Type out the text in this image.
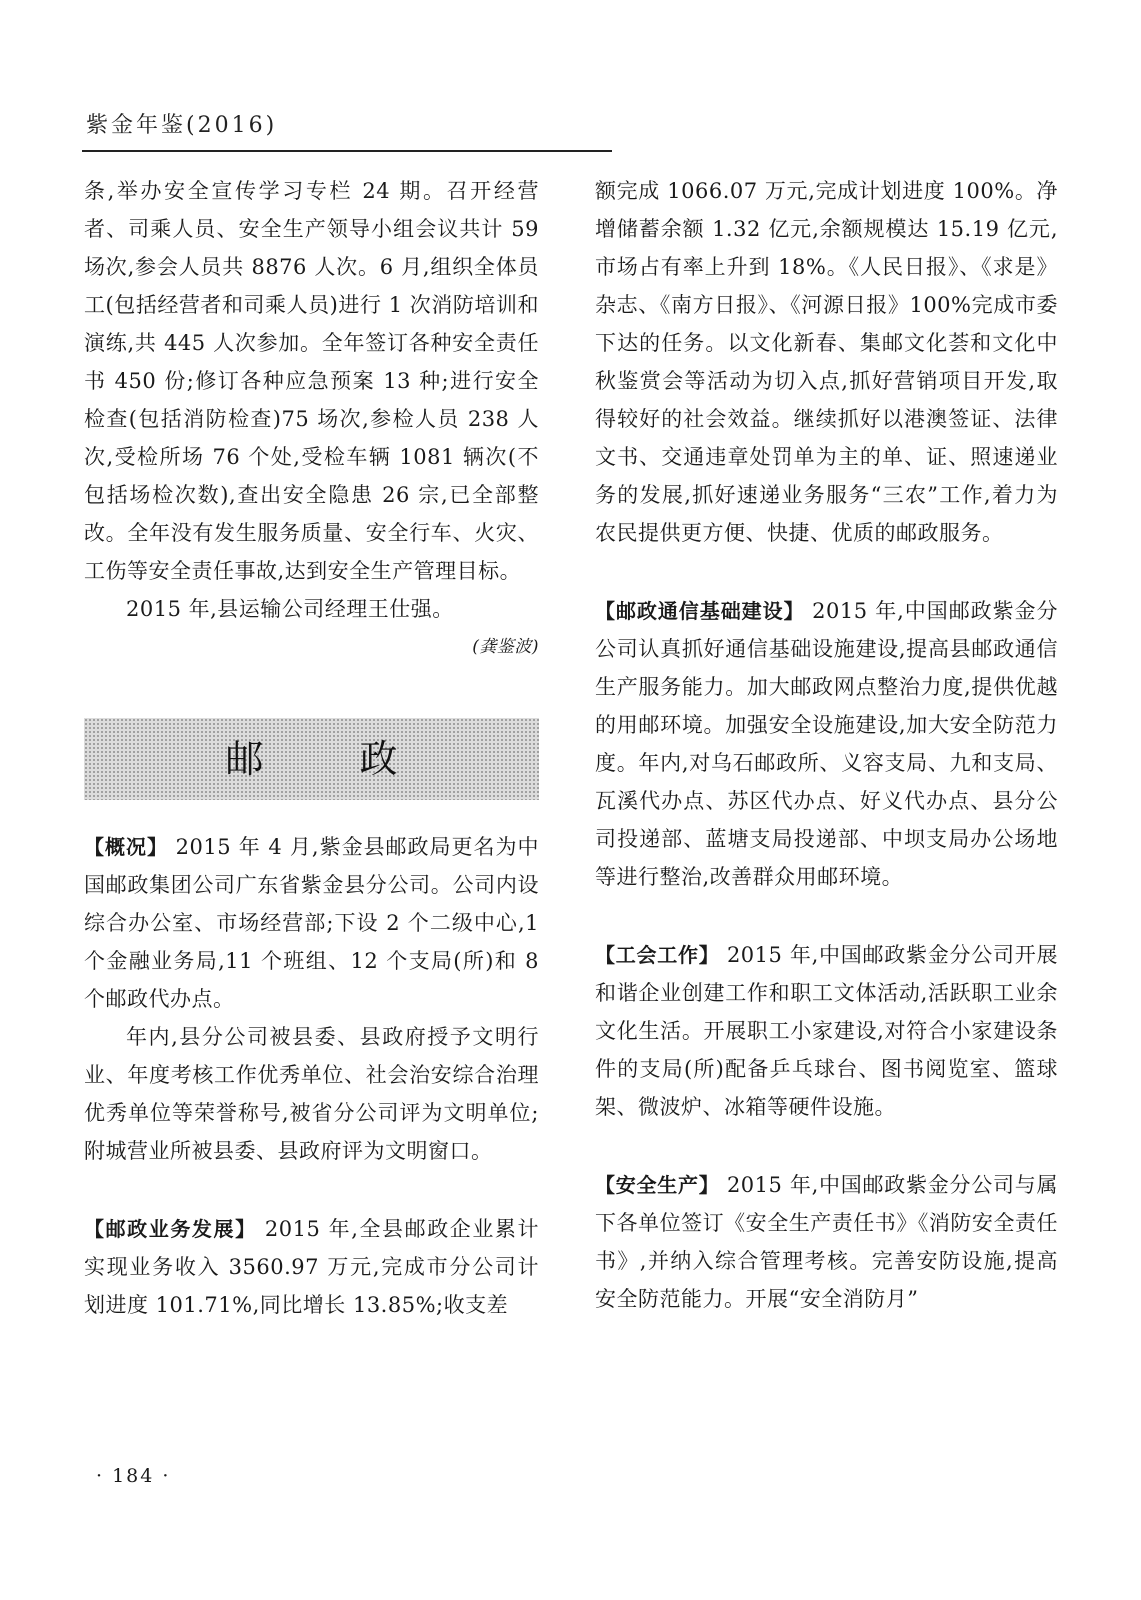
紫金年鉴(2016)

条,举办安全宣传学习专栏 24 期。召开经营者、司乘人员、安全生产领导小组会议共计 59 场次,参会人员共 8876 人次。6 月,组织全体员工(包括经营者和司乘人员)进行 1 次消防培训和演练,共 445 人次参加。全年签订各种安全责任书 450 份;修订各种应急预案 13 种;进行安全检查(包括消防检查)75 场次,参检人员 238 人次,受检所场 76 个处,受检车辆 1081 辆次(不包括场检次数),查出安全隐患 26 宗,已全部整改。全年没有发生服务质量、安全行车、火灾、工伤等安全责任事故,达到安全生产管理目标。

2015 年,县运输公司经理王仕强。

(龚鉴波)

邮政

【概况】 2015 年 4 月,紫金县邮政局更名为中国邮政集团公司广东省紫金县分公司。公司内设综合办公室、市场经营部;下设 2 个二级中心,1 个金融业务局,11 个班组、12 个支局(所)和 8 个邮政代办点。

年内,县分公司被县委、县政府授予文明行业、年度考核工作优秀单位、社会治安综合治理优秀单位等荣誉称号,被省分公司评为文明单位;附城营业所被县委、县政府评为文明窗口。

【邮政业务发展】 2015 年,全县邮政企业累计实现业务收入 3560.97 万元,完成市分公司计划进度 101.71%,同比增长 13.85%;收支差

额完成 1066.07 万元,完成计划进度 100%。净增储蓄余额 1.32 亿元,余额规模达 15.19 亿元,市场占有率上升到 18%。《人民日报》、《求是》杂志、《南方日报》、《河源日报》100%完成市委下达的任务。以文化新春、集邮文化荟和文化中秋鉴赏会等活动为切入点,抓好营销项目开发,取得较好的社会效益。继续抓好以港澳签证、法律文书、交通违章处罚单为主的单、证、照速递业务的发展,抓好速递业务服务“三农”工作,着力为农民提供更方便、快捷、优质的邮政服务。

【邮政通信基础建设】 2015 年,中国邮政紫金分公司认真抓好通信基础设施建设,提高县邮政通信生产服务能力。加大邮政网点整治力度,提供优越的用邮环境。加强安全设施建设,加大安全防范力度。年内,对乌石邮政所、义容支局、九和支局、瓦溪代办点、苏区代办点、好义代办点、县分公司投递部、蓝塘支局投递部、中坝支局办公场地等进行整治,改善群众用邮环境。

【工会工作】 2015 年,中国邮政紫金分公司开展和谐企业创建工作和职工文体活动,活跃职工业余文化生活。开展职工小家建设,对符合小家建设条件的支局(所)配备乒乓球台、图书阅览室、篮球架、微波炉、冰箱等硬件设施。

【安全生产】 2015 年,中国邮政紫金分公司与属下各单位签订《安全生产责任书》《消防安全责任书》,并纳入综合管理考核。完善安防设施,提高安全防范能力。开展“安全消防月”

· 184 ·
